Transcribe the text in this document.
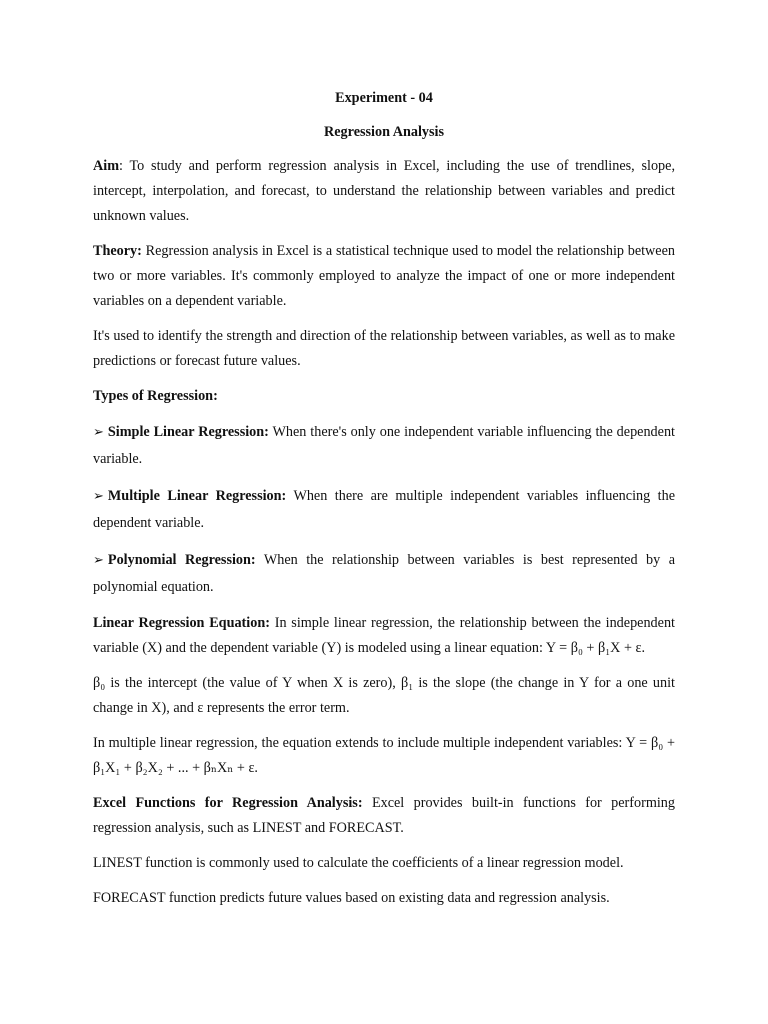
Experiment - 04
Regression Analysis

Aim: To study and perform regression analysis in Excel, including the use of trendlines, slope, intercept, interpolation, and forecast, to understand the relationship between variables and predict unknown values.

Theory: Regression analysis in Excel is a statistical technique used to model the relationship between two or more variables. It's commonly employed to analyze the impact of one or more independent variables on a dependent variable.

It's used to identify the strength and direction of the relationship between variables, as well as to make predictions or forecast future values.

Types of Regression:

➢ Simple Linear Regression: When there's only one independent variable influencing the dependent variable.

➢ Multiple Linear Regression: When there are multiple independent variables influencing the dependent variable.

➢ Polynomial Regression: When the relationship between variables is best represented by a polynomial equation.

Linear Regression Equation: In simple linear regression, the relationship between the independent variable (X) and the dependent variable (Y) is modeled using a linear equation: Y = β₀ + β₁X + ε.

β₀ is the intercept (the value of Y when X is zero), β₁ is the slope (the change in Y for a one unit change in X), and ε represents the error term.

In multiple linear regression, the equation extends to include multiple independent variables: Y = β₀ + β₁X₁ + β₂X₂ + ... + βₙXₙ + ε.

Excel Functions for Regression Analysis: Excel provides built-in functions for performing regression analysis, such as LINEST and FORECAST.

LINEST function is commonly used to calculate the coefficients of a linear regression model.

FORECAST function predicts future values based on existing data and regression analysis.
